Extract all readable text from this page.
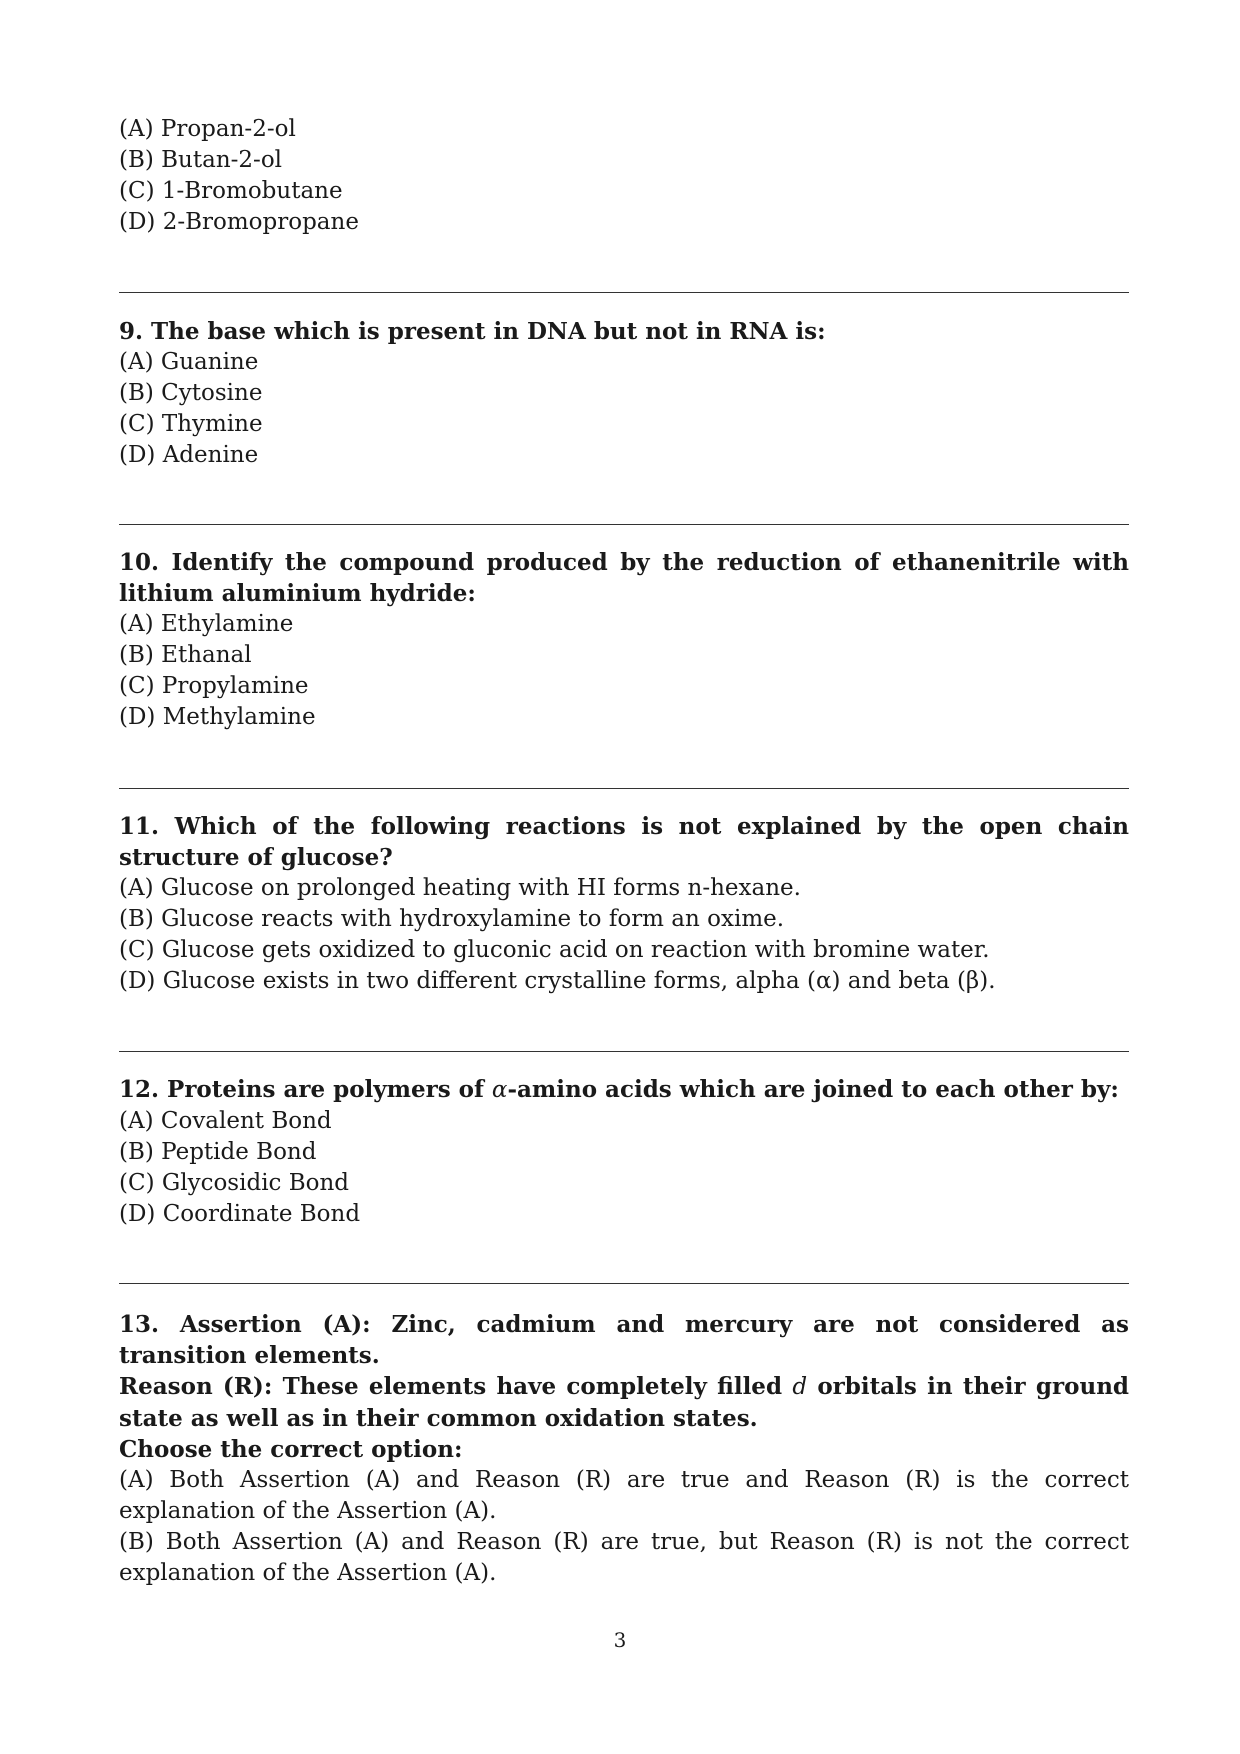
(A) Propan-2-ol
(B) Butan-2-ol
(C) 1-Bromobutane
(D) 2-Bromopropane
9. The base which is present in DNA but not in RNA is:
(A) Guanine
(B) Cytosine
(C) Thymine
(D) Adenine
10. Identify the compound produced by the reduction of ethanenitrile with lithium aluminium hydride:
(A) Ethylamine
(B) Ethanal
(C) Propylamine
(D) Methylamine
11. Which of the following reactions is not explained by the open chain structure of glucose?
(A) Glucose on prolonged heating with HI forms n-hexane.
(B) Glucose reacts with hydroxylamine to form an oxime.
(C) Glucose gets oxidized to gluconic acid on reaction with bromine water.
(D) Glucose exists in two different crystalline forms, alpha (α) and beta (β).
12. Proteins are polymers of α-amino acids which are joined to each other by:
(A) Covalent Bond
(B) Peptide Bond
(C) Glycosidic Bond
(D) Coordinate Bond
13. Assertion (A): Zinc, cadmium and mercury are not considered as transition elements.
Reason (R): These elements have completely filled d orbitals in their ground state as well as in their common oxidation states.
Choose the correct option:
(A) Both Assertion (A) and Reason (R) are true and Reason (R) is the correct explanation of the Assertion (A).
(B) Both Assertion (A) and Reason (R) are true, but Reason (R) is not the correct explanation of the Assertion (A).
3
